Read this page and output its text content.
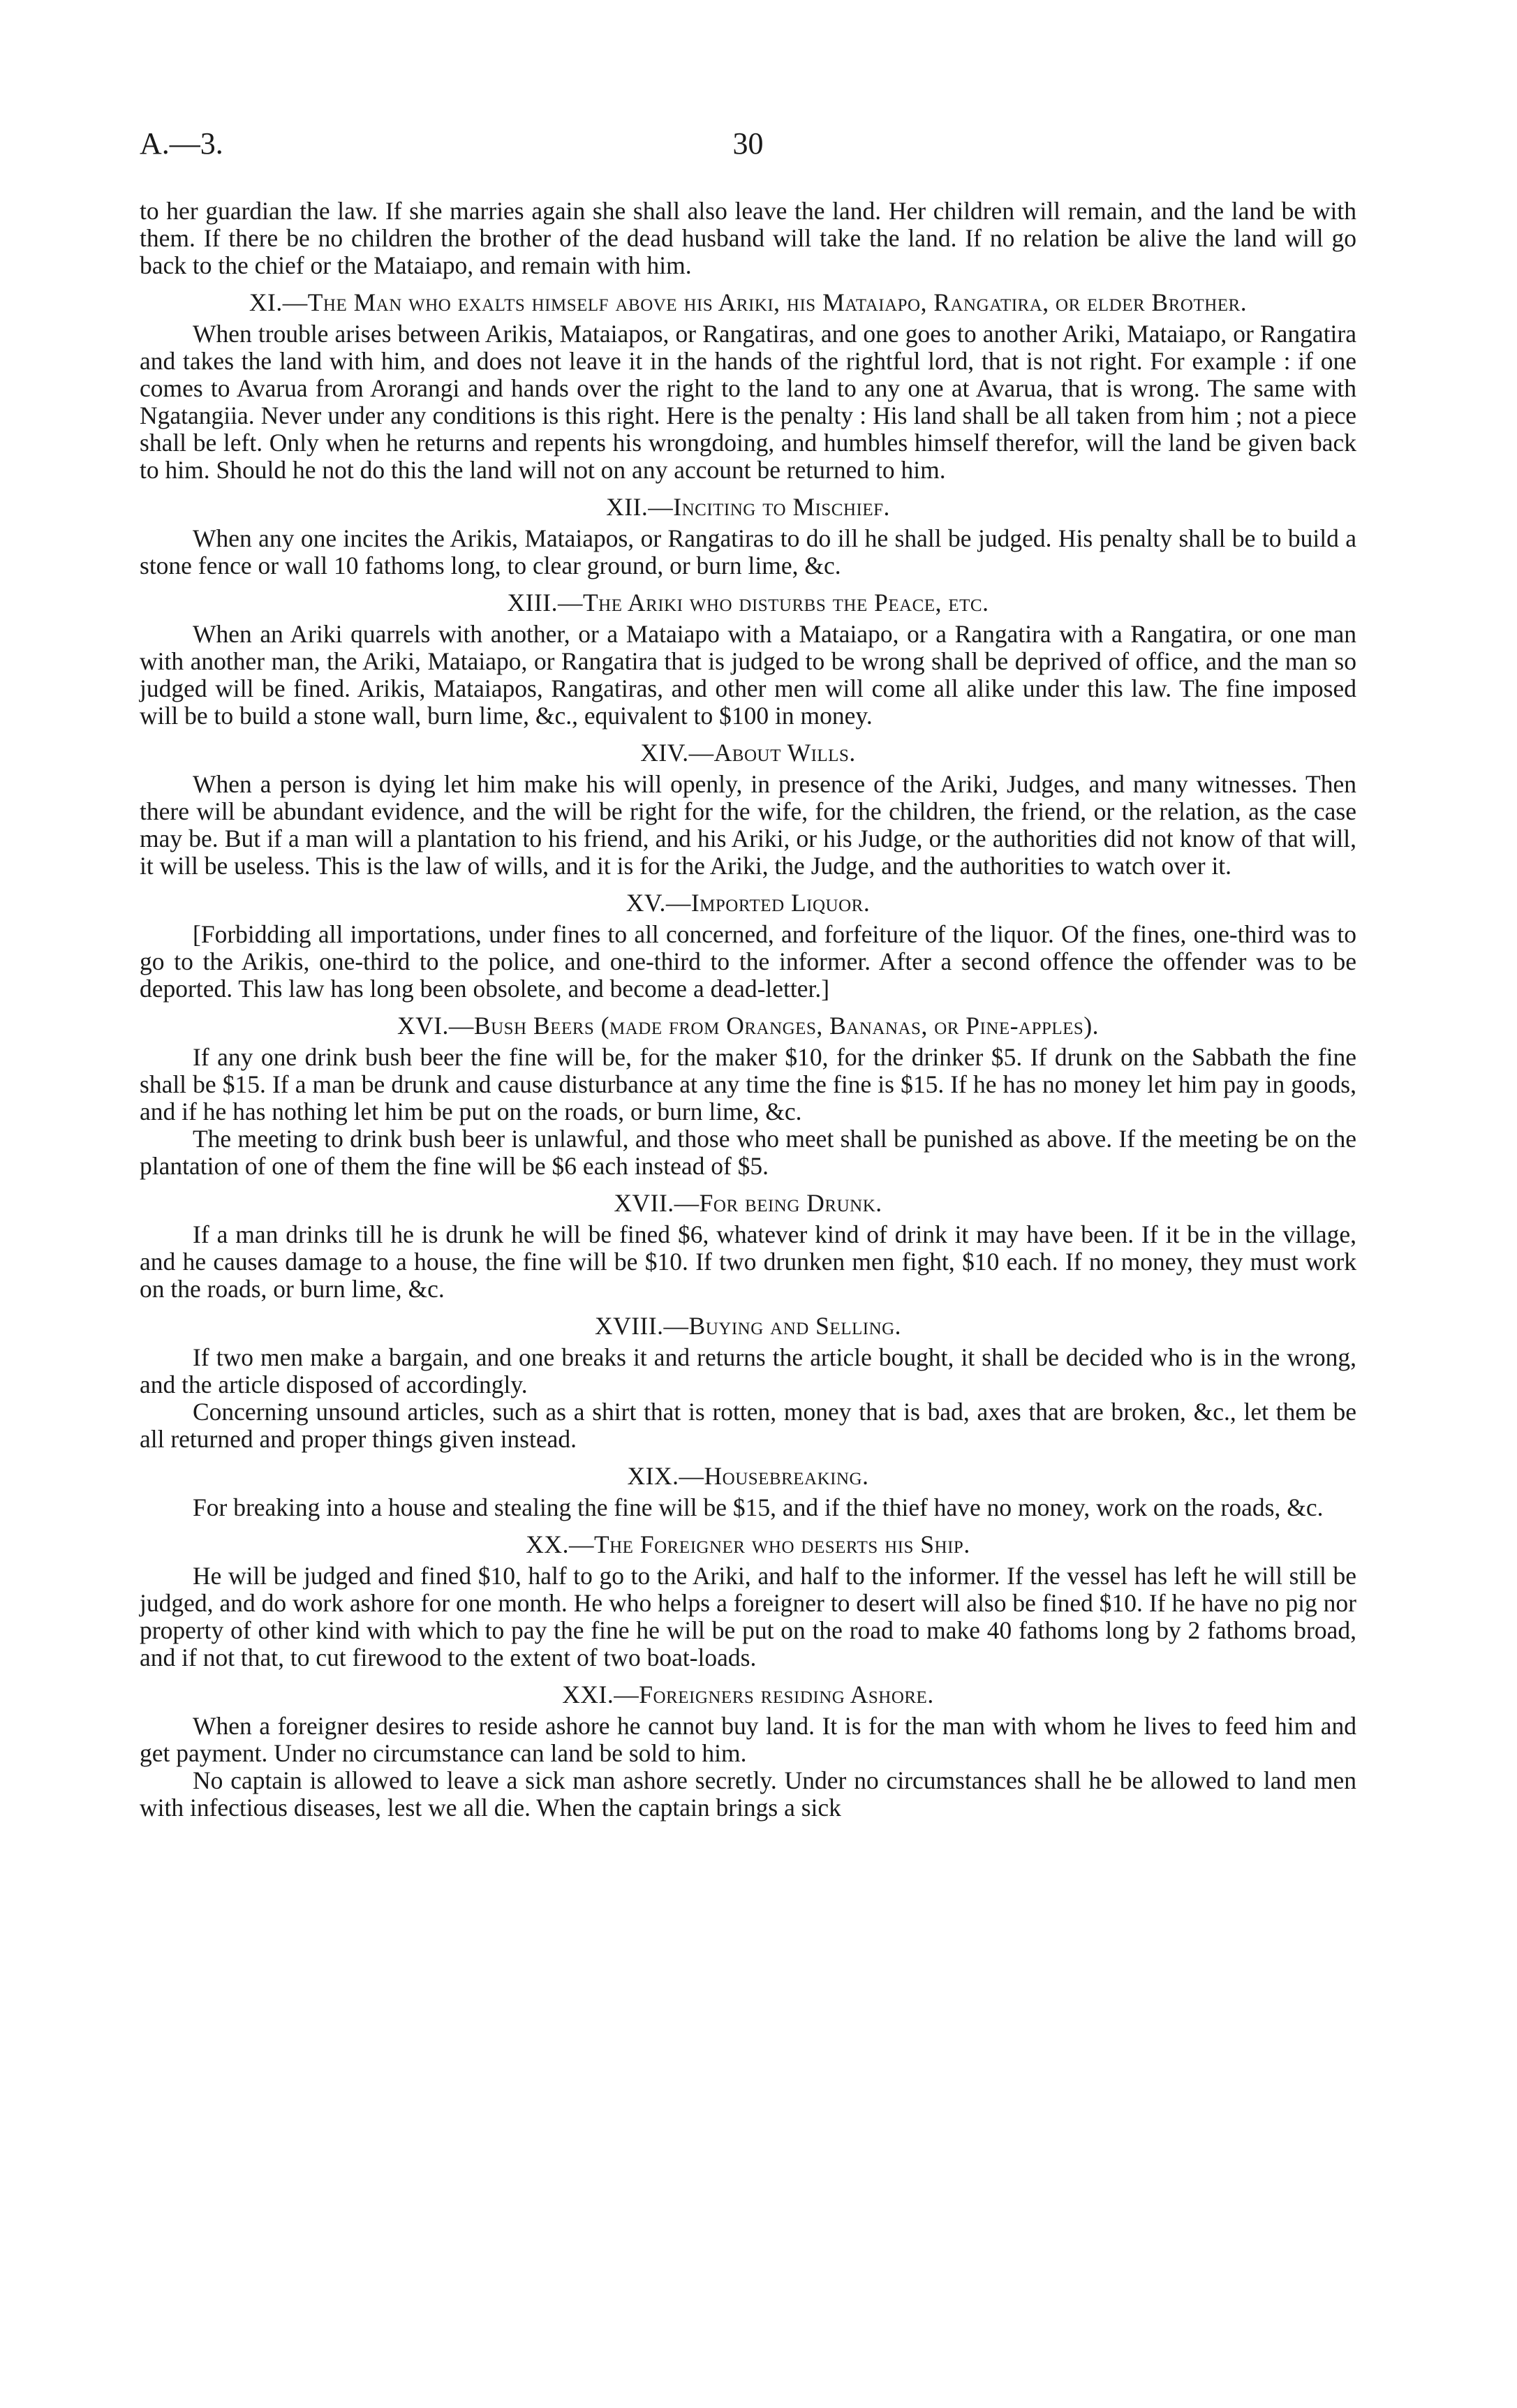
A.—3.	30

to her guardian the law. If she marries again she shall also leave the land. Her children will remain, and the land be with them. If there be no children the brother of the dead husband will take the land. If no relation be alive the land will go back to the chief or the Mataiapo, and remain with him.

XI.—The Man who exalts himself above his Ariki, his Mataiapo, Rangatira, or elder Brother.

When trouble arises between Arikis, Mataiapos, or Rangatiras, and one goes to another Ariki, Mataiapo, or Rangatira and takes the land with him, and does not leave it in the hands of the rightful lord, that is not right. For example : if one comes to Avarua from Arorangi and hands over the right to the land to any one at Avarua, that is wrong. The same with Ngatangiia. Never under any conditions is this right. Here is the penalty : His land shall be all taken from him ; not a piece shall be left. Only when he returns and repents his wrongdoing, and humbles himself therefor, will the land be given back to him. Should he not do this the land will not on any account be returned to him.

XII.—Inciting to Mischief.

When any one incites the Arikis, Mataiapos, or Rangatiras to do ill he shall be judged. His penalty shall be to build a stone fence or wall 10 fathoms long, to clear ground, or burn lime, &c.

XIII.—The Ariki who disturbs the Peace, etc.

When an Ariki quarrels with another, or a Mataiapo with a Mataiapo, or a Rangatira with a Rangatira, or one man with another man, the Ariki, Mataiapo, or Rangatira that is judged to be wrong shall be deprived of office, and the man so judged will be fined. Arikis, Mataiapos, Rangatiras, and other men will come all alike under this law. The fine imposed will be to build a stone wall, burn lime, &c., equivalent to $100 in money.

XIV.—About Wills.

When a person is dying let him make his will openly, in presence of the Ariki, Judges, and many witnesses. Then there will be abundant evidence, and the will be right for the wife, for the children, the friend, or the relation, as the case may be. But if a man will a plantation to his friend, and his Ariki, or his Judge, or the authorities did not know of that will, it will be useless. This is the law of wills, and it is for the Ariki, the Judge, and the authorities to watch over it.

XV.—Imported Liquor.

[Forbidding all importations, under fines to all concerned, and forfeiture of the liquor. Of the fines, one-third was to go to the Arikis, one-third to the police, and one-third to the informer. After a second offence the offender was to be deported. This law has long been obsolete, and become a dead-letter.]

XVI.—Bush Beers (made from Oranges, Bananas, or Pine-apples).

If any one drink bush beer the fine will be, for the maker $10, for the drinker $5. If drunk on the Sabbath the fine shall be $15. If a man be drunk and cause disturbance at any time the fine is $15. If he has no money let him pay in goods, and if he has nothing let him be put on the roads, or burn lime, &c.

The meeting to drink bush beer is unlawful, and those who meet shall be punished as above. If the meeting be on the plantation of one of them the fine will be $6 each instead of $5.

XVII.—For being Drunk.

If a man drinks till he is drunk he will be fined $6, whatever kind of drink it may have been. If it be in the village, and he causes damage to a house, the fine will be $10. If two drunken men fight, $10 each. If no money, they must work on the roads, or burn lime, &c.

XVIII.—Buying and Selling.

If two men make a bargain, and one breaks it and returns the article bought, it shall be decided who is in the wrong, and the article disposed of accordingly.

Concerning unsound articles, such as a shirt that is rotten, money that is bad, axes that are broken, &c., let them be all returned and proper things given instead.

XIX.—Housebreaking.

For breaking into a house and stealing the fine will be $15, and if the thief have no money, work on the roads, &c.

XX.—The Foreigner who deserts his Ship.

He will be judged and fined $10, half to go to the Ariki, and half to the informer. If the vessel has left he will still be judged, and do work ashore for one month. He who helps a foreigner to desert will also be fined $10. If he have no pig nor property of other kind with which to pay the fine he will be put on the road to make 40 fathoms long by 2 fathoms broad, and if not that, to cut firewood to the extent of two boat-loads.

XXI.—Foreigners residing Ashore.

When a foreigner desires to reside ashore he cannot buy land. It is for the man with whom he lives to feed him and get payment. Under no circumstance can land be sold to him.

No captain is allowed to leave a sick man ashore secretly. Under no circumstances shall he be allowed to land men with infectious diseases, lest we all die. When the captain brings a sick
